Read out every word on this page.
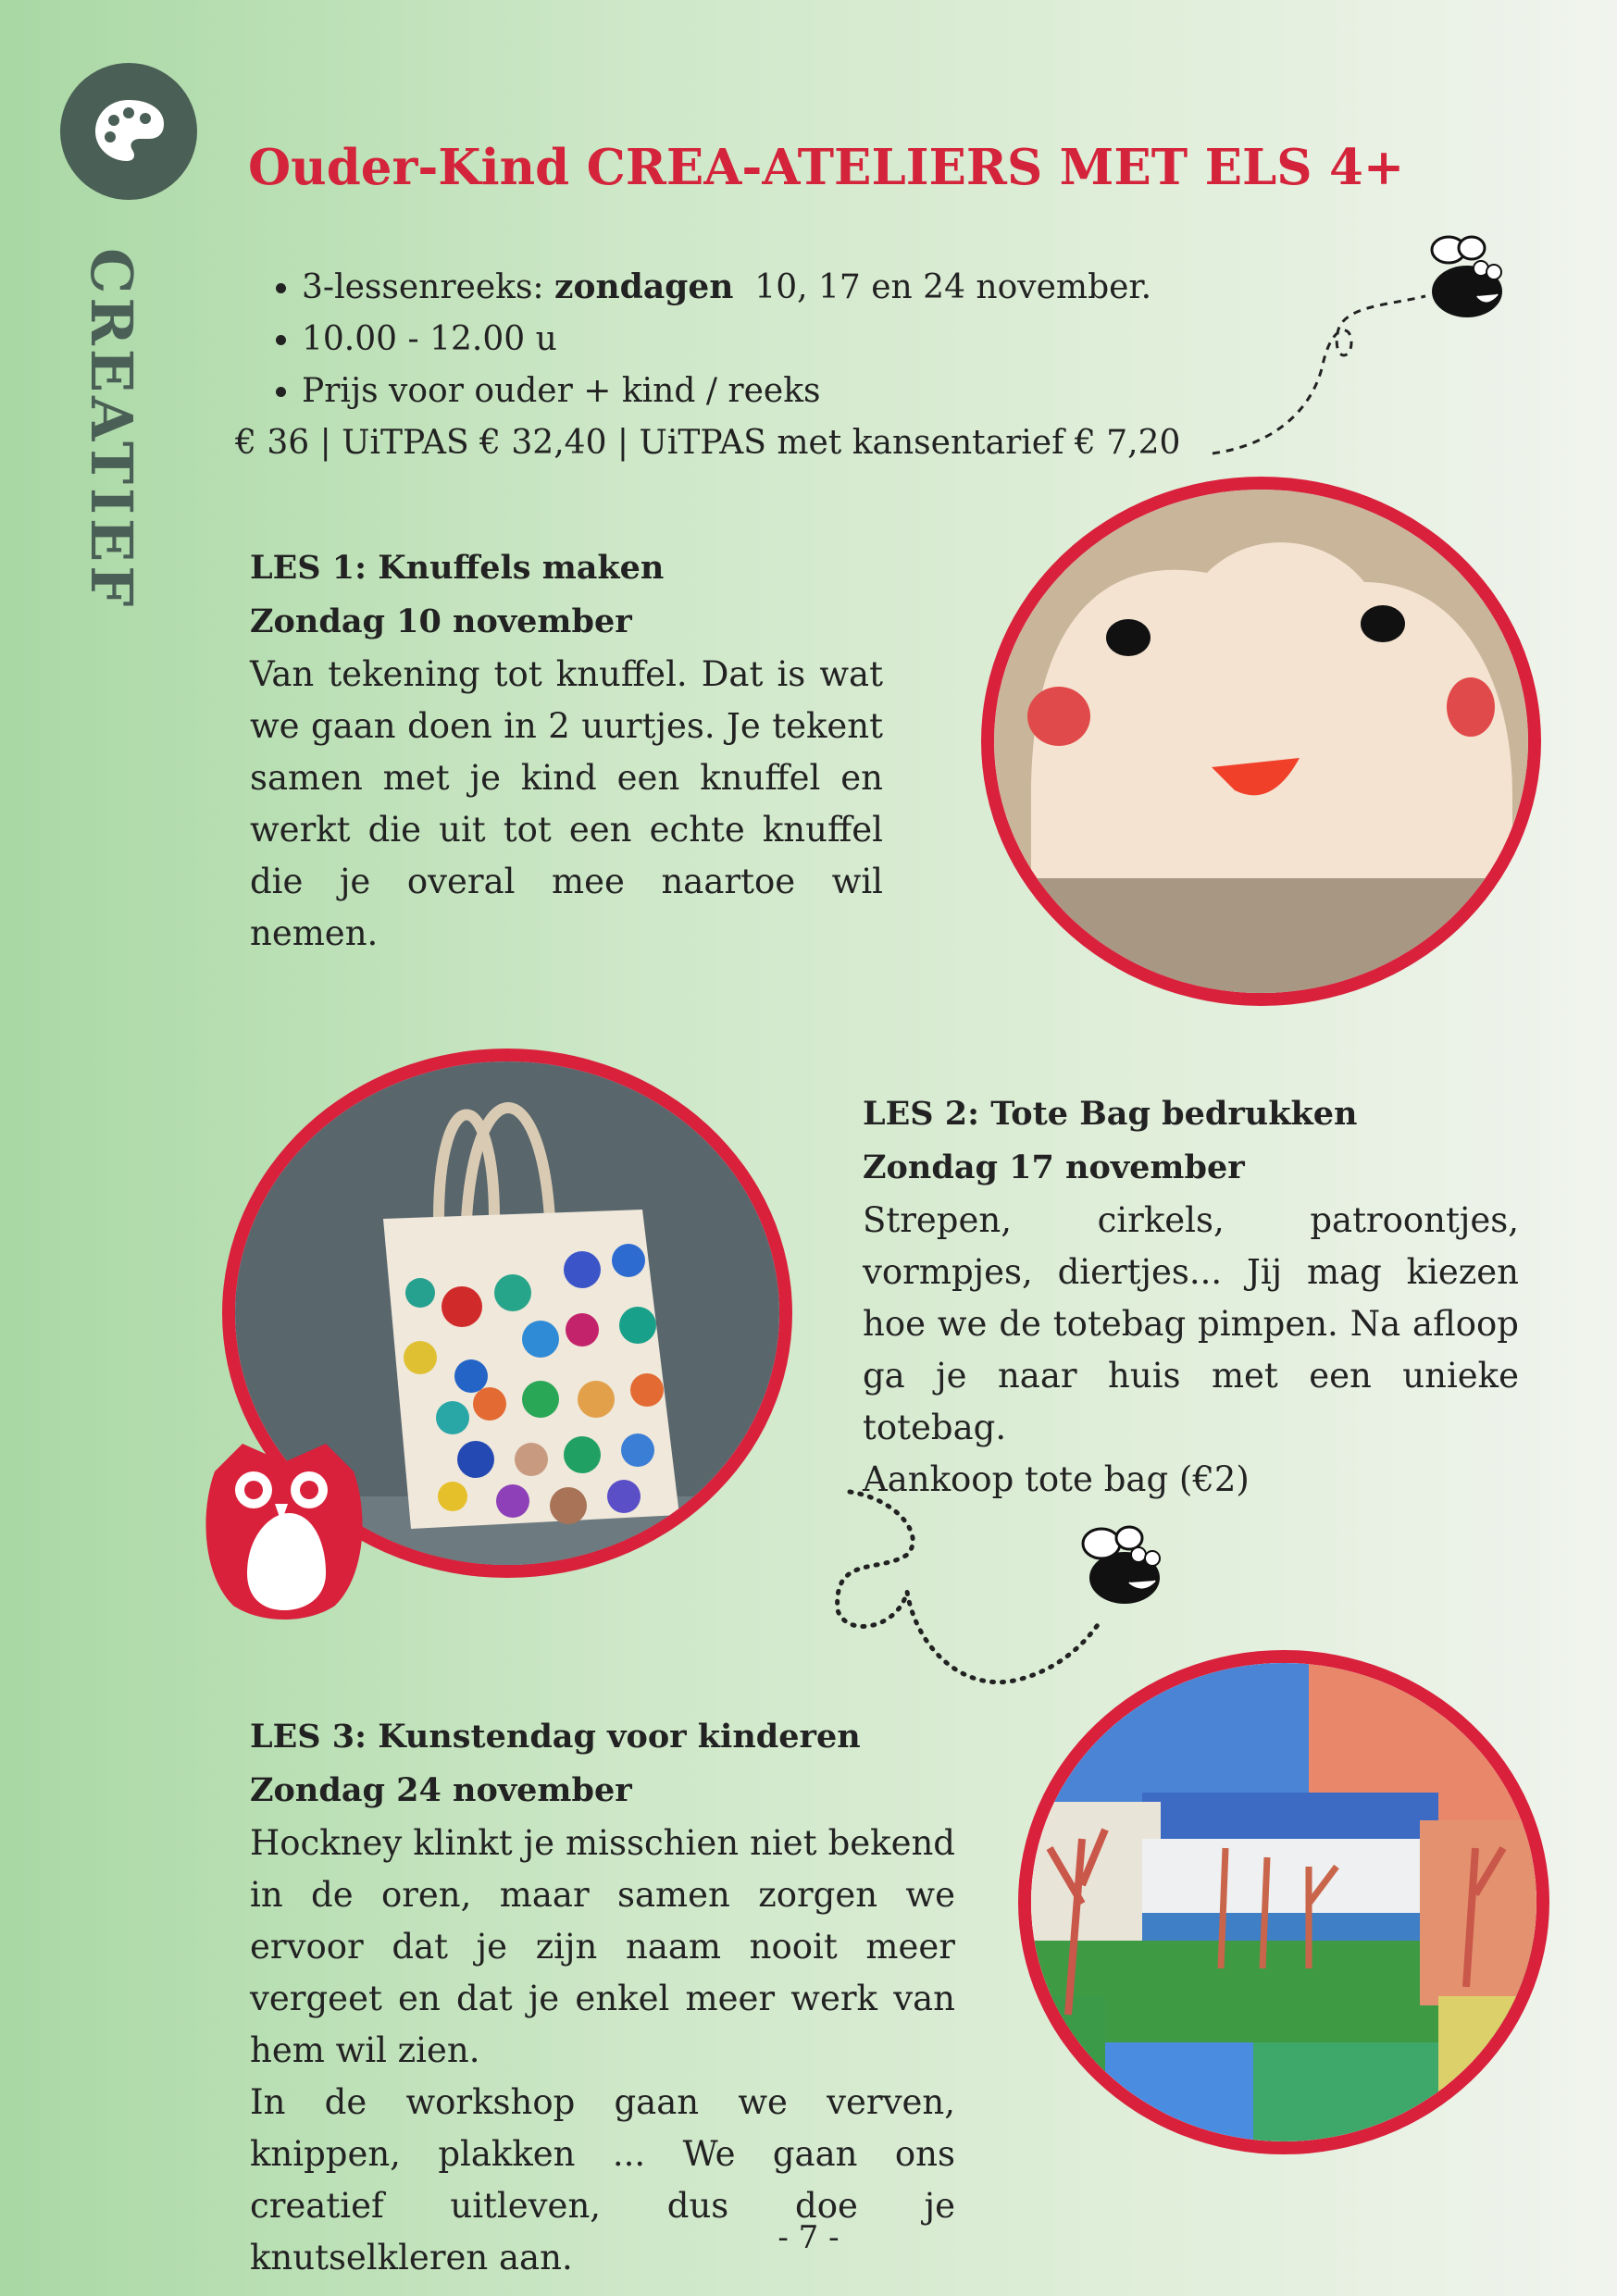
CREATIEF
Ouder-Kind CREA-ATELIERS MET ELS 4+
• 3-lessenreeks: zondagen  10, 17 en 24 november.
• 10.00 - 12.00 u
• Prijs voor ouder + kind / reeks
€ 36 | UiTPAS € 32,40 | UiTPAS met kansentarief € 7,20
LES 1: Knuffels maken
Zondag 10 november
Van tekening tot knuffel. Dat is wat we gaan doen in 2 uurtjes. Je tekent samen met je kind een knuffel en werkt die uit tot een echte knuffel die je overal mee naartoe wil nemen.
LES 2: Tote Bag bedrukken
Zondag 17 november
Strepen, cirkels, patroontjes, vormpjes, diertjes... Jij mag kiezen hoe we de totebag pimpen. Na afloop ga je naar huis met een unieke totebag.
Aankoop tote bag (€2)
LES 3: Kunstendag voor kinderen
Zondag 24 november
Hockney klinkt je misschien niet bekend in de oren, maar samen zorgen we ervoor dat je zijn naam nooit meer vergeet en dat je enkel meer werk van hem wil zien.
In de workshop gaan we verven, knippen, plakken ... We gaan ons creatief uitleven, dus doe je knutselkleren aan.	- 7 -
